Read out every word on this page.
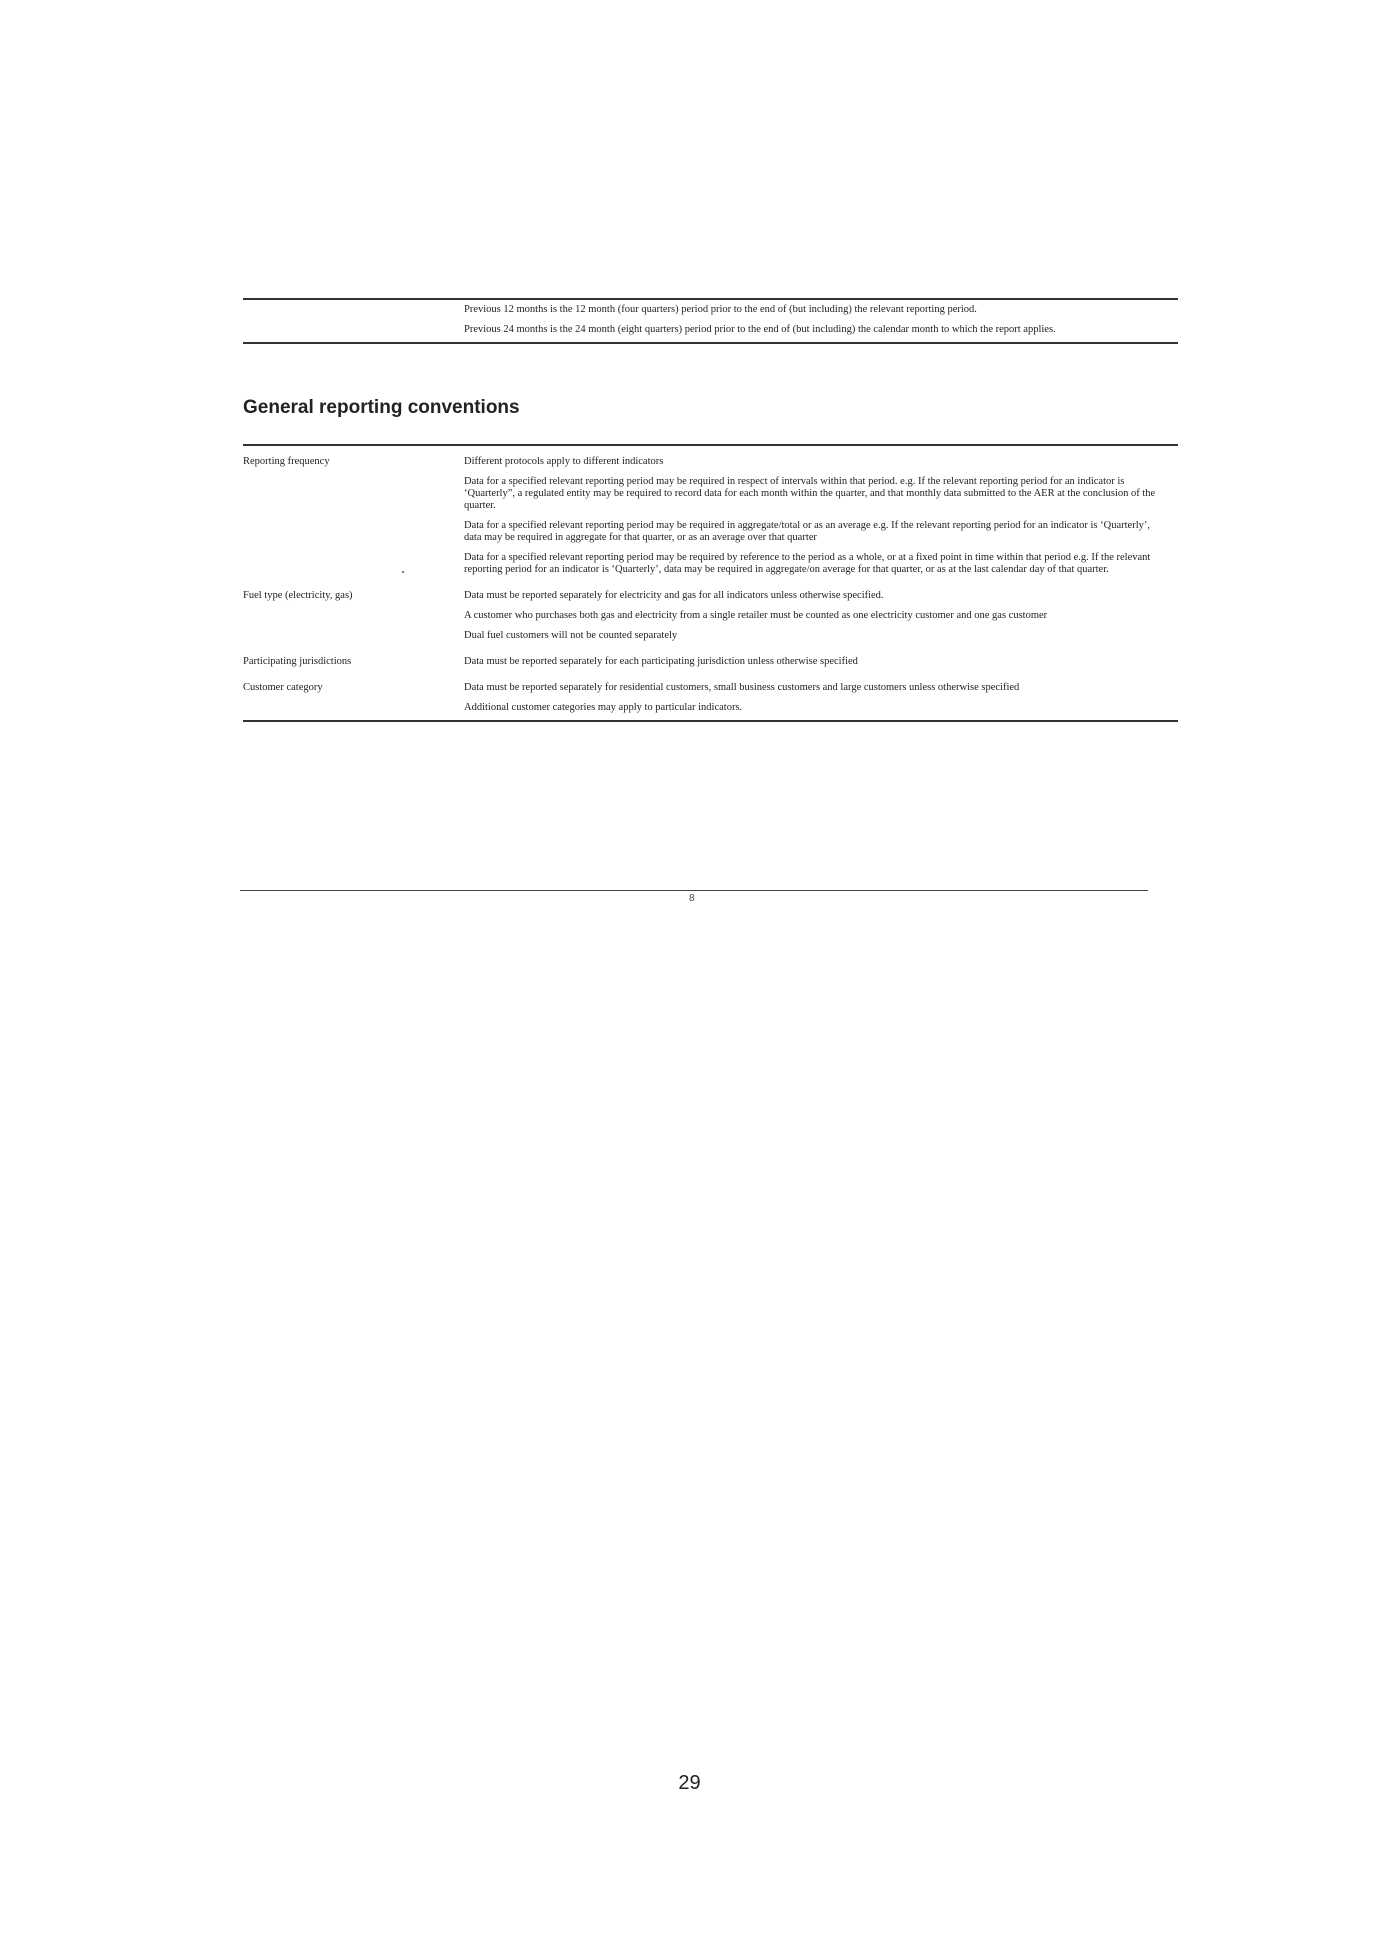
Previous 12 months is the 12 month (four quarters) period prior to the end of (but including) the relevant reporting period.
Previous 24 months is the 24 month (eight quarters) period prior to the end of (but including) the calendar month to which the report applies.
General reporting conventions
Reporting frequency	Different protocols apply to different indicators

Data for a specified relevant reporting period may be required in respect of intervals within that period. e.g. If the relevant reporting period for an indicator is ‘Quarterly”, a regulated entity may be required to record data for each month within the quarter, and that monthly data submitted to the AER at the conclusion of the quarter.

Data for a specified relevant reporting period may be required in aggregate/total or as an average e.g. If the relevant reporting period for an indicator is ‘Quarterly’, data may be required in aggregate for that quarter, or as an average over that quarter

Data for a specified relevant reporting period may be required by reference to the period as a whole, or at a fixed point in time within that period e.g. If the relevant reporting period for an indicator is ‘Quarterly’, data may be required in aggregate/on average for that quarter, or as at the last calendar day of that quarter.

Fuel type (electricity, gas)	Data must be reported separately for electricity and gas for all indicators unless otherwise specified.

A customer who purchases both gas and electricity from a single retailer must be counted as one electricity customer and one gas customer

Dual fuel customers will not be counted separately

Participating jurisdictions	Data must be reported separately for each participating jurisdiction unless otherwise specified

Customer category	Data must be reported separately for residential customers, small business customers and large customers unless otherwise specified

Additional customer categories may apply to particular indicators.

8
29
